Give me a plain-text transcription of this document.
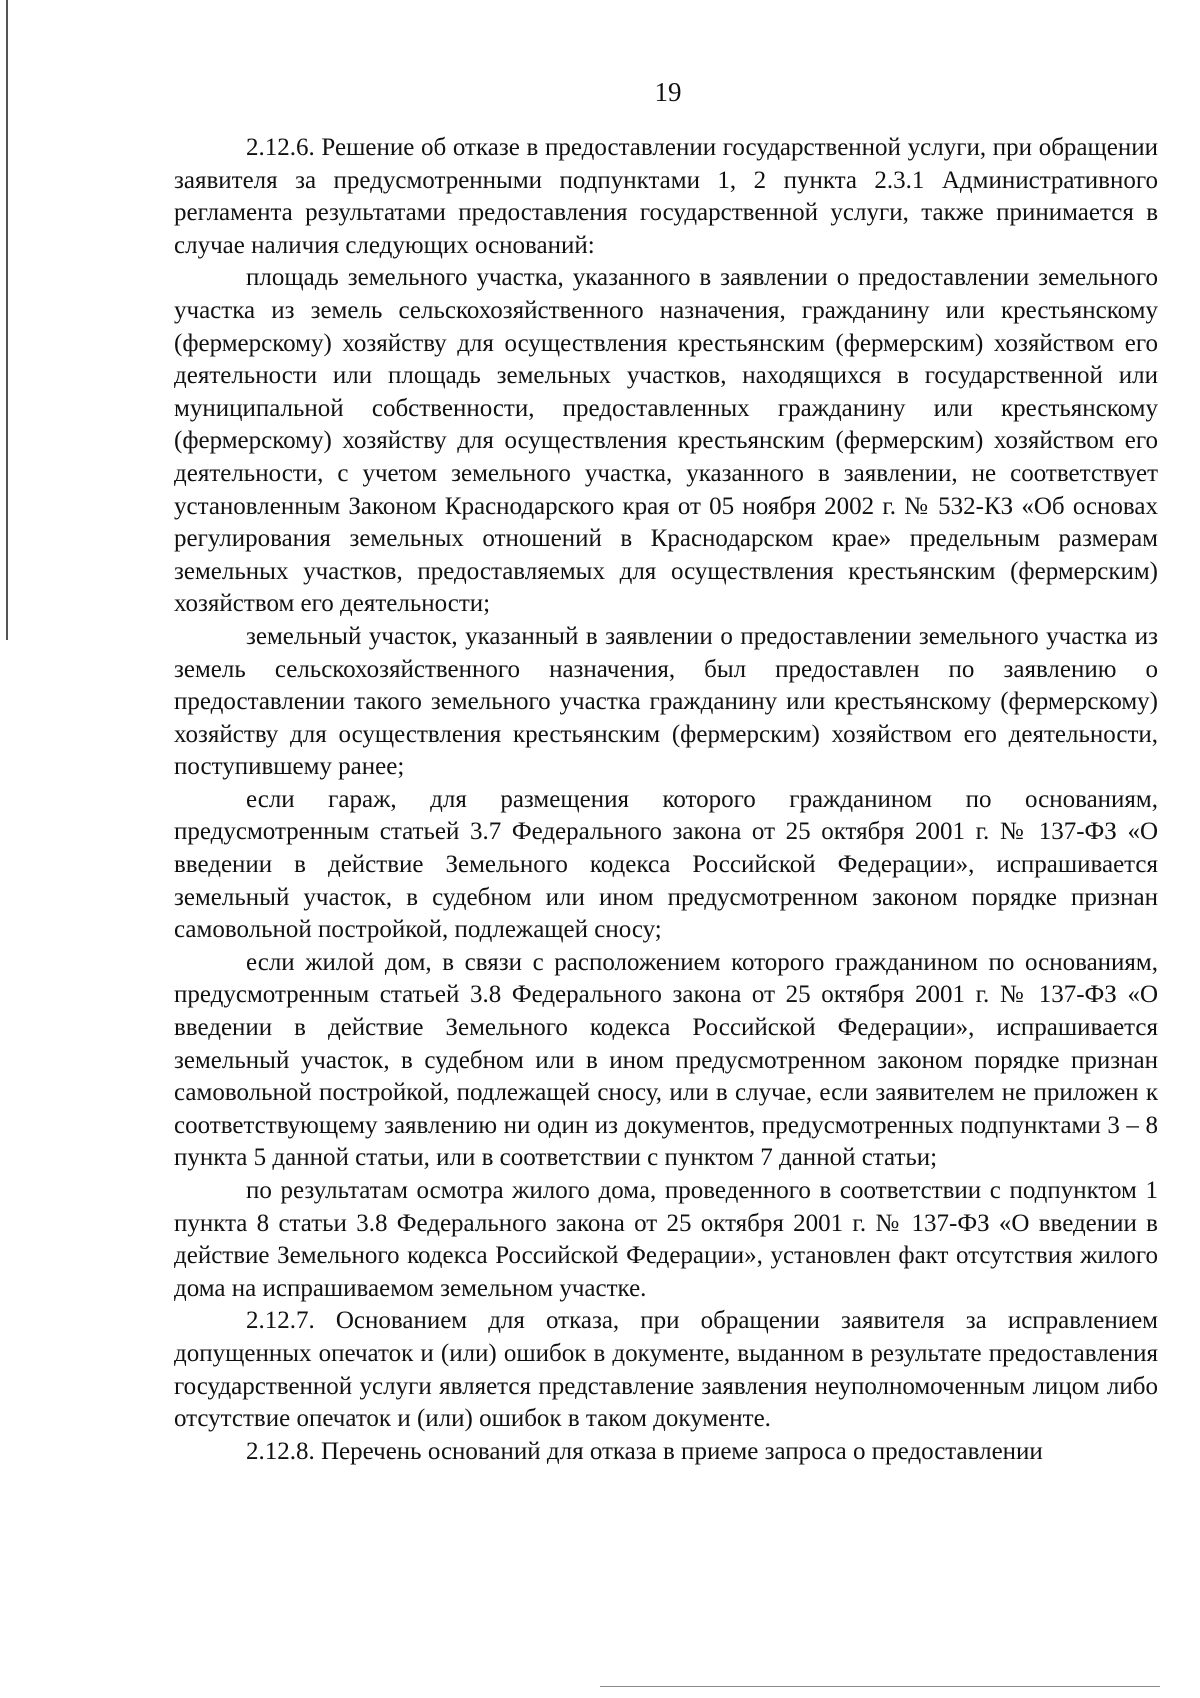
19

2.12.6. Решение об отказе в предоставлении государственной услуги, при обращении заявителя за предусмотренными подпунктами 1, 2 пункта 2.3.1 Административного регламента результатами предоставления государственной услуги, также принимается в случае наличия следующих оснований:

площадь земельного участка, указанного в заявлении о предоставлении земельного участка из земель сельскохозяйственного назначения, гражданину или крестьянскому (фермерскому) хозяйству для осуществления крестьянским (фермерским) хозяйством его деятельности или площадь земельных участков, находящихся в государственной или муниципальной собственности, предоставленных гражданину или крестьянскому (фермерскому) хозяйству для осуществления крестьянским (фермерским) хозяйством его деятельности, с учетом земельного участка, указанного в заявлении, не соответствует установленным Законом Краснодарского края от 05 ноября 2002 г. № 532-КЗ «Об основах регулирования земельных отношений в Краснодарском крае» предельным размерам земельных участков, предоставляемых для осуществления крестьянским (фермерским) хозяйством его деятельности;

земельный участок, указанный в заявлении о предоставлении земельного участка из земель сельскохозяйственного назначения, был предоставлен по заявлению о предоставлении такого земельного участка гражданину или крестьянскому (фермерскому) хозяйству для осуществления крестьянским (фермерским) хозяйством его деятельности, поступившему ранее;

если гараж, для размещения которого гражданином по основаниям, предусмотренным статьей 3.7 Федерального закона от 25 октября 2001 г. № 137-ФЗ «О введении в действие Земельного кодекса Российской Федерации», испрашивается земельный участок, в судебном или ином предусмотренном законом порядке признан самовольной постройкой, подлежащей сносу;

если жилой дом, в связи с расположением которого гражданином по основаниям, предусмотренным статьей 3.8 Федерального закона от 25 октября 2001 г. № 137-ФЗ «О введении в действие Земельного кодекса Российской Федерации», испрашивается земельный участок, в судебном или в ином предусмотренном законом порядке признан самовольной постройкой, подлежащей сносу, или в случае, если заявителем не приложен к соответствующему заявлению ни один из документов, предусмотренных подпунктами 3 – 8 пункта 5 данной статьи, или в соответствии с пунктом 7 данной статьи;

по результатам осмотра жилого дома, проведенного в соответствии с подпунктом 1 пункта 8 статьи 3.8 Федерального закона от 25 октября 2001 г. № 137-ФЗ «О введении в действие Земельного кодекса Российской Федерации», установлен факт отсутствия жилого дома на испрашиваемом земельном участке.

2.12.7. Основанием для отказа, при обращении заявителя за исправлением допущенных опечаток и (или) ошибок в документе, выданном в результате предоставления государственной услуги является представление заявления неуполномоченным лицом либо отсутствие опечаток и (или) ошибок в таком документе.

2.12.8. Перечень оснований для отказа в приеме запроса о предоставлении
